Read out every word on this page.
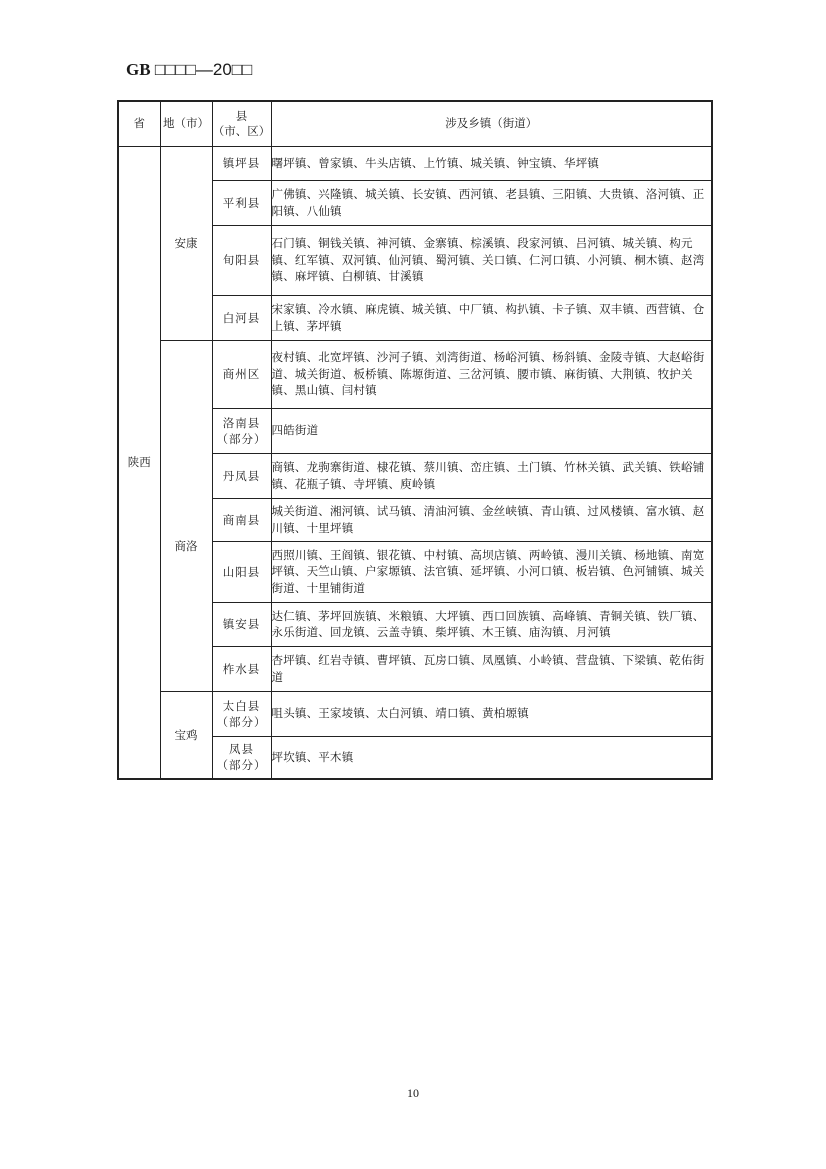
GB □□□□—20□□
省	地（市）	县
（市、区）	涉及乡镇（街道）
陕西	安康	镇坪县	曙坪镇、曾家镇、牛头店镇、上竹镇、城关镇、钟宝镇、华坪镇

		平利县	广佛镇、兴隆镇、城关镇、长安镇、西河镇、老县镇、三阳镇、大贵镇、洛河镇、正阳镇、八仙镇

		旬阳县	石门镇、铜钱关镇、神河镇、金寨镇、棕溪镇、段家河镇、吕河镇、城关镇、构元镇、红军镇、双河镇、仙河镇、蜀河镇、关口镇、仁河口镇、小河镇、桐木镇、赵湾镇、麻坪镇、白柳镇、甘溪镇

		白河县	宋家镇、冷水镇、麻虎镇、城关镇、中厂镇、构扒镇、卡子镇、双丰镇、西营镇、仓上镇、茅坪镇
	商洛	商州区	夜村镇、北宽坪镇、沙河子镇、刘湾街道、杨峪河镇、杨斜镇、金陵寺镇、大赵峪街道、城关街道、板桥镇、陈塬街道、三岔河镇、腰市镇、麻街镇、大荆镇、牧护关镇、黑山镇、闫村镇

		洛南县
（部分）	四皓街道

		丹凤县	商镇、龙驹寨街道、棣花镇、蔡川镇、峦庄镇、土门镇、竹林关镇、武关镇、铁峪铺镇、花瓶子镇、寺坪镇、庾岭镇

		商南县	城关街道、湘河镇、试马镇、清油河镇、金丝峡镇、青山镇、过风楼镇、富水镇、赵川镇、十里坪镇

		山阳县	西照川镇、王阎镇、银花镇、中村镇、高坝店镇、两岭镇、漫川关镇、杨地镇、南宽坪镇、天竺山镇、户家塬镇、法官镇、延坪镇、小河口镇、板岩镇、色河铺镇、城关街道、十里铺街道

		镇安县	达仁镇、茅坪回族镇、米粮镇、大坪镇、西口回族镇、高峰镇、青铜关镇、铁厂镇、永乐街道、回龙镇、云盖寺镇、柴坪镇、木王镇、庙沟镇、月河镇

		柞水县	杏坪镇、红岩寺镇、曹坪镇、瓦房口镇、凤凰镇、小岭镇、营盘镇、下梁镇、乾佑街道
	宝鸡	太白县
（部分）	咀头镇、王家堎镇、太白河镇、靖口镇、黄柏塬镇

		凤县
（部分）	坪坎镇、平木镇
10
